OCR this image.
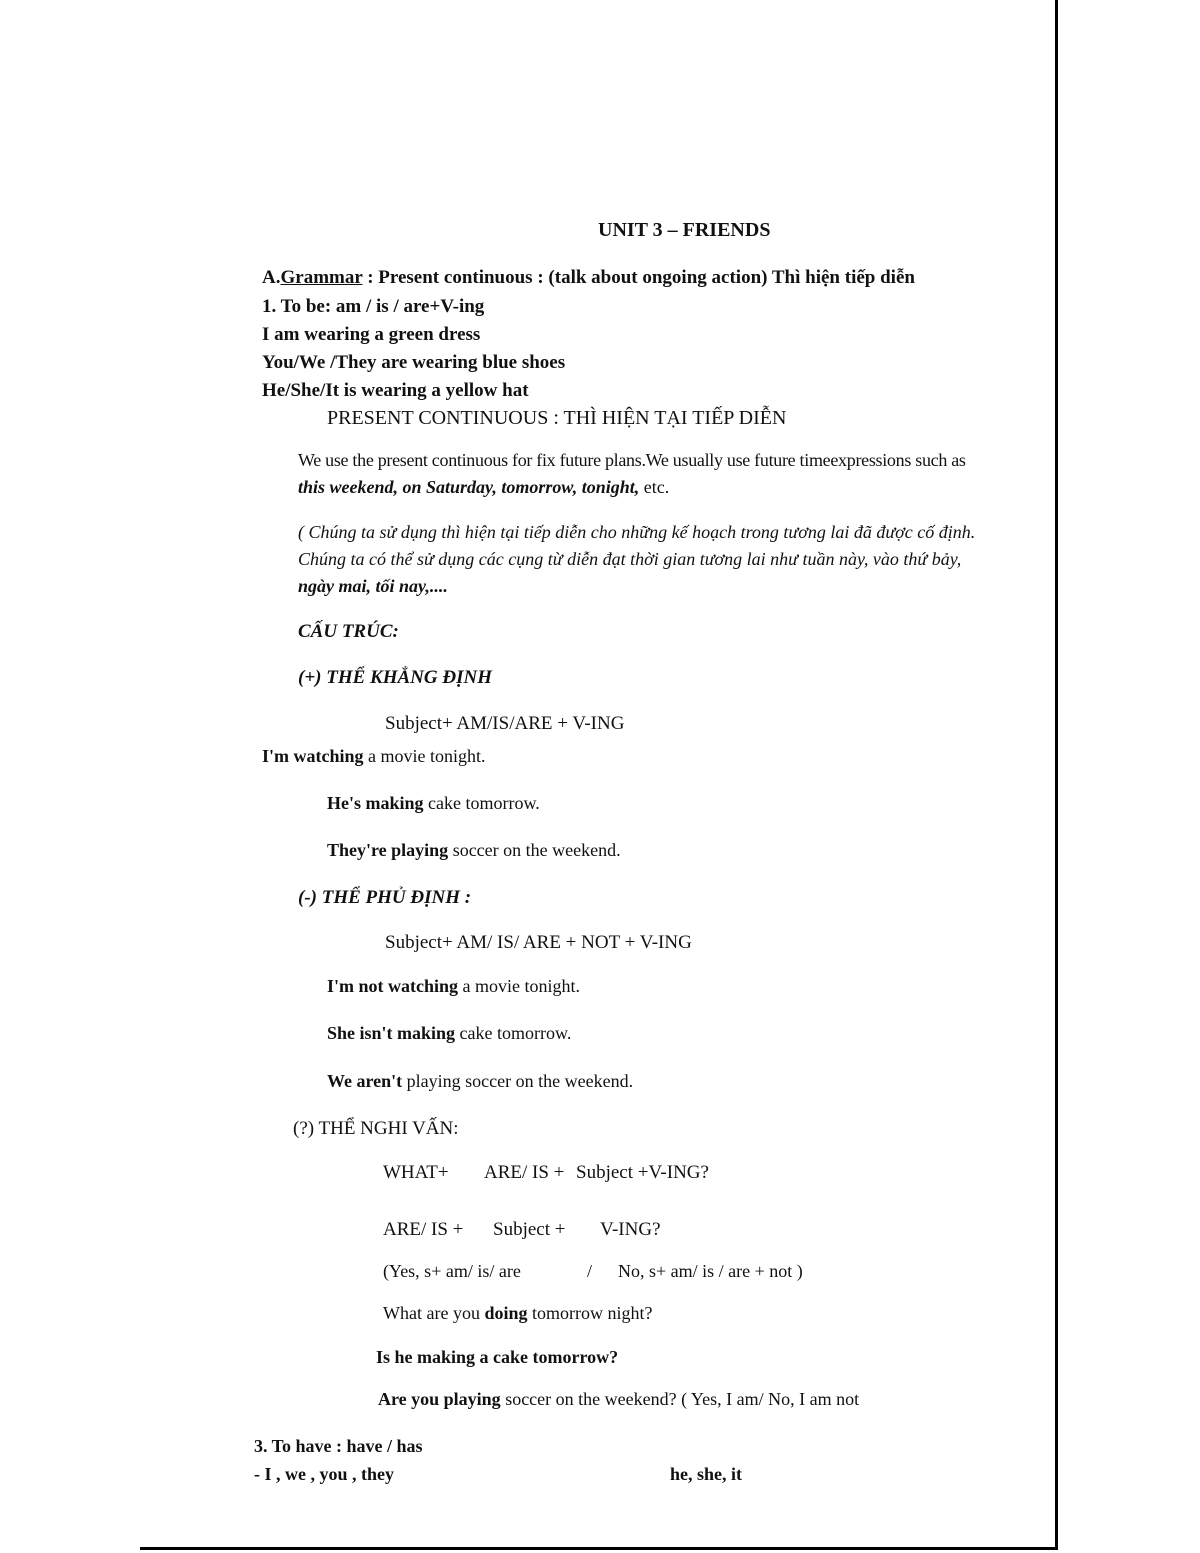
UNIT 3 – FRIENDS
A.Grammar : Present continuous : (talk about ongoing action) Thì hiện tiếp diễn
1. To be: am / is / are+V-ing
I am wearing a green dress
You/We /They are wearing blue shoes
He/She/It is wearing a yellow hat
PRESENT CONTINUOUS : THÌ HIỆN TẠI TIẾP DIỄN
We use the present continuous for fix future plans.We usually use future timeexpressions such as
this weekend, on Saturday, tomorrow, tonight, etc.
( Chúng ta sử dụng thì hiện tại tiếp diễn cho những kế hoạch trong tương lai đã được cố định.
Chúng ta có thể sử dụng các cụng từ diễn đạt thời gian tương lai như tuần này, vào thứ bảy,
ngày mai, tối nay,....
CẤU TRÚC:
(+) THỂ KHẲNG ĐỊNH
Subject+ AM/IS/ARE + V-ING
I'm watching a movie tonight.
He's making cake tomorrow.
They're playing soccer on the weekend.
(-) THỂ PHỦ ĐỊNH :
Subject+ AM/ IS/ ARE + NOT + V-ING
I'm not watching a movie tonight.
She isn't making cake tomorrow.
We aren't playing soccer on the weekend.
(?) THỂ NGHI VẤN:
WHAT+ ARE/ IS + Subject +V-ING?
ARE/ IS + Subject + V-ING?
(Yes, s+ am/ is/ are	/ No, s+ am/ is / are + not )
What are you doing tomorrow night?
Is he making a cake tomorrow?
Are you playing soccer on the weekend? ( Yes, I am/ No, I am not
3. To have : have / has
- I , we , you , they	he, she, it
